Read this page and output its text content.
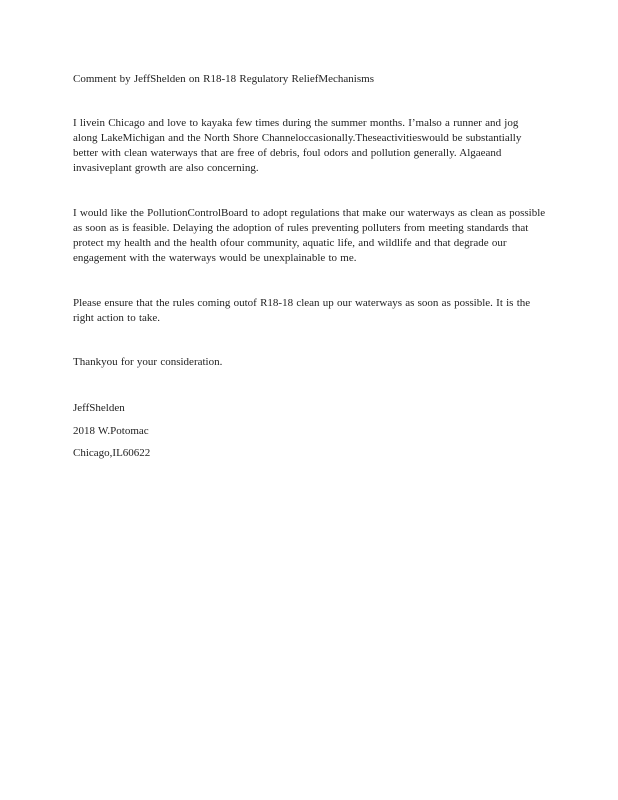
Comment by JeffShelden on R18-18 Regulatory ReliefMechanisms

I livein Chicago and love to kayaka few times during the summer months. I’malso a runner and jog along LakeMichigan and the North Shore Channeloccasionally.Theseactivitieswould be substantially better with clean waterways that are free of debris, foul odors and pollution generally. Algaeand invasiveplant growth are also concerning.

I would like the PollutionControlBoard to adopt regulations that make our waterways as clean as possible as soon as is feasible. Delaying the adoption of rules preventing polluters from meeting standards that protect my health and the health ofour community, aquatic life, and wildlife and that degrade our engagement with the waterways would be unexplainable to me.

Please ensure that the rules coming outof R18-18 clean up our waterways as soon as possible. It is the right action to take.

Thankyou for your consideration.

JeffShelden
2018 W.Potomac
Chicago,IL60622
